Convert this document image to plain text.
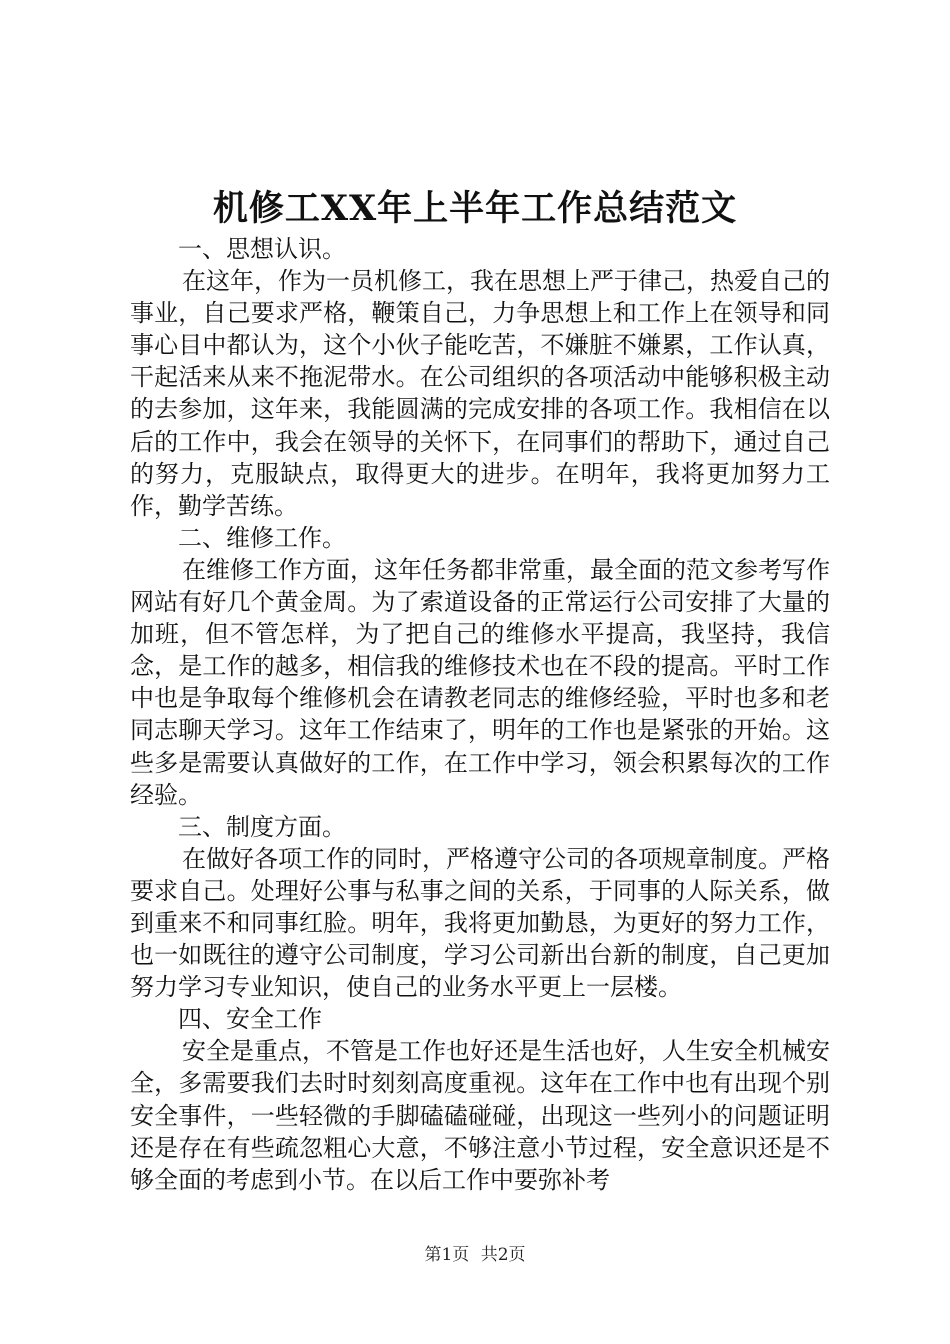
机修工XX年上半年工作总结范文
一、思想认识。

在这年，作为一员机修工，我在思想上严于律己，热爱自己的事业，自己要求严格，鞭策自己，力争思想上和工作上在领导和同事心目中都认为，这个小伙子能吃苦，不嫌脏不嫌累，工作认真，干起活来从来不拖泥带水。在公司组织的各项活动中能够积极主动的去参加，这年来，我能圆满的完成安排的各项工作。我相信在以后的工作中，我会在领导的关怀下，在同事们的帮助下，通过自己的努力，克服缺点，取得更大的进步。在明年，我将更加努力工作，勤学苦练。

二、维修工作。

在维修工作方面，这年任务都非常重，最全面的范文参考写作网站有好几个黄金周。为了索道设备的正常运行公司安排了大量的加班，但不管怎样，为了把自己的维修水平提高，我坚持，我信念，是工作的越多，相信我的维修技术也在不段的提高。平时工作中也是争取每个维修机会在请教老同志的维修经验，平时也多和老同志聊天学习。这年工作结束了，明年的工作也是紧张的开始。这些多是需要认真做好的工作，在工作中学习，领会积累每次的工作经验。

三、制度方面。

在做好各项工作的同时，严格遵守公司的各项规章制度。严格要求自己。处理好公事与私事之间的关系，于同事的人际关系，做到重来不和同事红脸。明年，我将更加勤恳，为更好的努力工作，也一如既往的遵守公司制度，学习公司新出台新的制度，自己更加努力学习专业知识，使自己的业务水平更上一层楼。

四、安全工作

安全是重点，不管是工作也好还是生活也好，人生安全机械安全，多需要我们去时时刻刻高度重视。这年在工作中也有出现个别安全事件，一些轻微的手脚磕磕碰碰，出现这一些列小的问题证明还是存在有些疏忽粗心大意，不够注意小节过程，安全意识还是不够全面的考虑到小节。在以后工作中要弥补考

第1页 共2页
